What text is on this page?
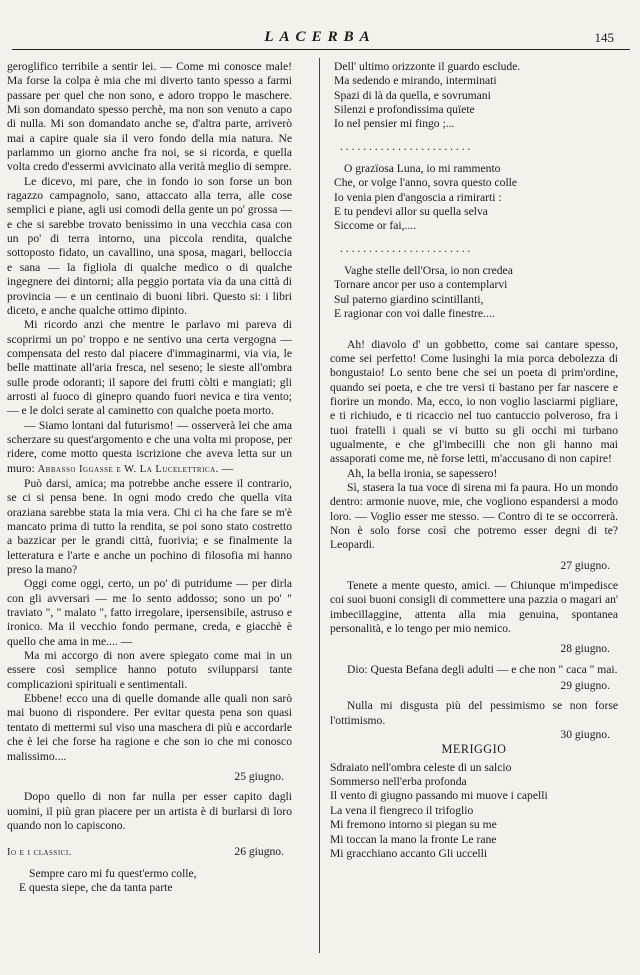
LACERBA	145

geroglifico terribile a sentir lei. — Come mi conosce male! Ma forse la colpa è mia che mi diverto tanto spesso a farmi passare per quel che non sono, e adoro troppo le maschere. Mi son domandato spesso perchè, ma non son venuto a capo di nulla. Mi son domandato anche se, d'altra parte, arriverò mai a capire quale sia il vero fondo della mia natura. Ne parlammo un giorno anche fra noi, se si ricorda, e quella volta credo d'essermi avvicinato alla verità meglio di sempre.

Le dicevo, mi pare, che in fondo io son forse un bon ragazzo campagnolo, sano, attaccato alla terra, alle cose semplici e piane, agli usi comodi della gente un po' grossa — e che si sarebbe trovato benissimo in una vecchia casa con un po' di terra intorno, una piccola rendita, qualche sottoposto fidato, un cavallino, una sposa, magari, belloccia e sana — la figliola di qualche medico o di qualche ingegnere dei dintorni; alla peggio portata via da una città di provincia — e un centinaio di buoni libri. Questo si: i libri diceto, e anche qualche ottimo dipinto.

Mi ricordo anzi che mentre le parlavo mi pareva di scoprirmi un po' troppo e ne sentivo una certa vergogna — compensata del resto dal piacere d'immaginarmi, via via, le belle mattinate all'aria fresca, nel seseno; le sieste all'ombra sulle prode odoranti; il sapore dei frutti còlti e mangiati; gli arrosti al fuoco di ginepro quando fuori nevica e tira vento; — e le dolci serate al caminetto con qualche poeta morto.

— Siamo lontani dal futurismo! — osserverà lei che ama scherzare su quest'argomento e che una volta mi propose, per ridere, come motto questa iscrizione che aveva letta sur un muro: Abbasso Iggasse e W. La Lucelettrica. —

Può darsi, amica; ma potrebbe anche essere il contrario, se ci si pensa bene. In ogni modo credo che quella vita oraziana sarebbe stata la mia vera. Chi ci ha che fare se m'è mancato prima di tutto la rendita, se poi sono stato costretto a bazzicar per le grandi città, fuorivia; e se finalmente la letteratura e l'arte e anche un pochino di filosofia mi hanno preso la mano?

Oggi come oggi, certo, un po' di putridume — per dirla con gli avversari — me lo sento addosso; sono un po' " traviato ", " malato ", fatto irregolare, ipersensibile, astruso e ironico. Ma il vecchio fondo permane, creda, e giacchè è quello che ama in me.... —

Ma mi accorgo di non avere spiegato come mai in un essere così semplice hanno potuto svilupparsi tante complicazioni spirituali e sentimentali.

Ebbene! ecco una di quelle domande alle quali non sarò mai buono di rispondere. Per evitar questa pena son quasi tentato di mettermi sul viso una maschera di più e accordarle che è lei che forse ha ragione e che son io che mi conosco malissimo....

25 giugno.

Dopo quello di non far nulla per esser capito dagli uomini, il più gran piacere per un artista è di burlarsi di loro quando non lo capiscono.

Io e i classici.	26 giugno.
Sempre caro mi fu quest'ermo colle,
E questa siepe, che da tanta parte
Dell' ultimo orizzonte il guardo esclude.
Ma sedendo e mirando, interminati
Spazi di là da quella, e sovrumani
Silenzi e profondissima quïete
Io nel pensier mi fingo ;...
. . . . . . . . . . . . . . . . . . . . . . .
O grazïosa Luna, io mi rammento
Che, or volge l'anno, sovra questo colle
Io venia pien d'angoscia a rimirarti :
E tu pendevi allor su quella selva
Siccome or fai,....
. . . . . . . . . . . . . . . . . . . . . . .
Vaghe stelle dell'Orsa, io non credea
Tornare ancor per uso a contemplarvi
Sul paterno giardino scintillanti,
E ragionar con voi dalle finestre....

Ah! diavolo d' un gobbetto, come sai cantare spesso, come sei perfetto! Come lusinghi la mia porca debolezza di bongustaio! Lo sento bene che sei un poeta di prim'ordine, quando sei poeta, e che tre versi ti bastano per far nascere e fiorire un mondo. Ma, ecco, io non voglio lasciarmi pigliare, e ti richiudo, e ti ricaccio nel tuo cantuccio polveroso, fra i tuoi fratelli i quali se vi butto su gli occhi mi turbano ugualmente, e che gl'imbecilli che non gli hanno mai assaporati come me, nè forse letti, m'accusano di non capire!

Ah, la bella ironia, se sapessero!

Sì, stasera la tua voce di sirena mi fa paura. Ho un mondo dentro: armonie nuove, mie, che vogliono espandersi a modo loro. — Voglio esser me stesso. — Contro di te se occorrerà. Non è solo forse così che potremo esser degni di te? Leopardi.

27 giugno.

Tenete a mente questo, amici. — Chiunque m'impedisce coi suoi buoni consigli di commettere una pazzia o magari an' imbecillaggine, attenta alla mia genuina, spontanea personalità, e lo tengo per mio nemico.

28 giugno.

Dio: Questa Befana degli adulti — e che non " caca " mai.

29 giugno.

Nulla mi disgusta più del pessimismo se non forse l'ottimismo.

30 giugno.

MERIGGIO
Sdraiato nell'ombra celeste di un salcio
Sommerso nell'erba profonda
Il vento di giugno passando mi muove i capelli
La vena il fiengreco il trifoglio
Mi fremono intorno si piegan su me
Mi toccan la mano la fronte Le rane
Mi gracchiano accanto Gli uccelli
